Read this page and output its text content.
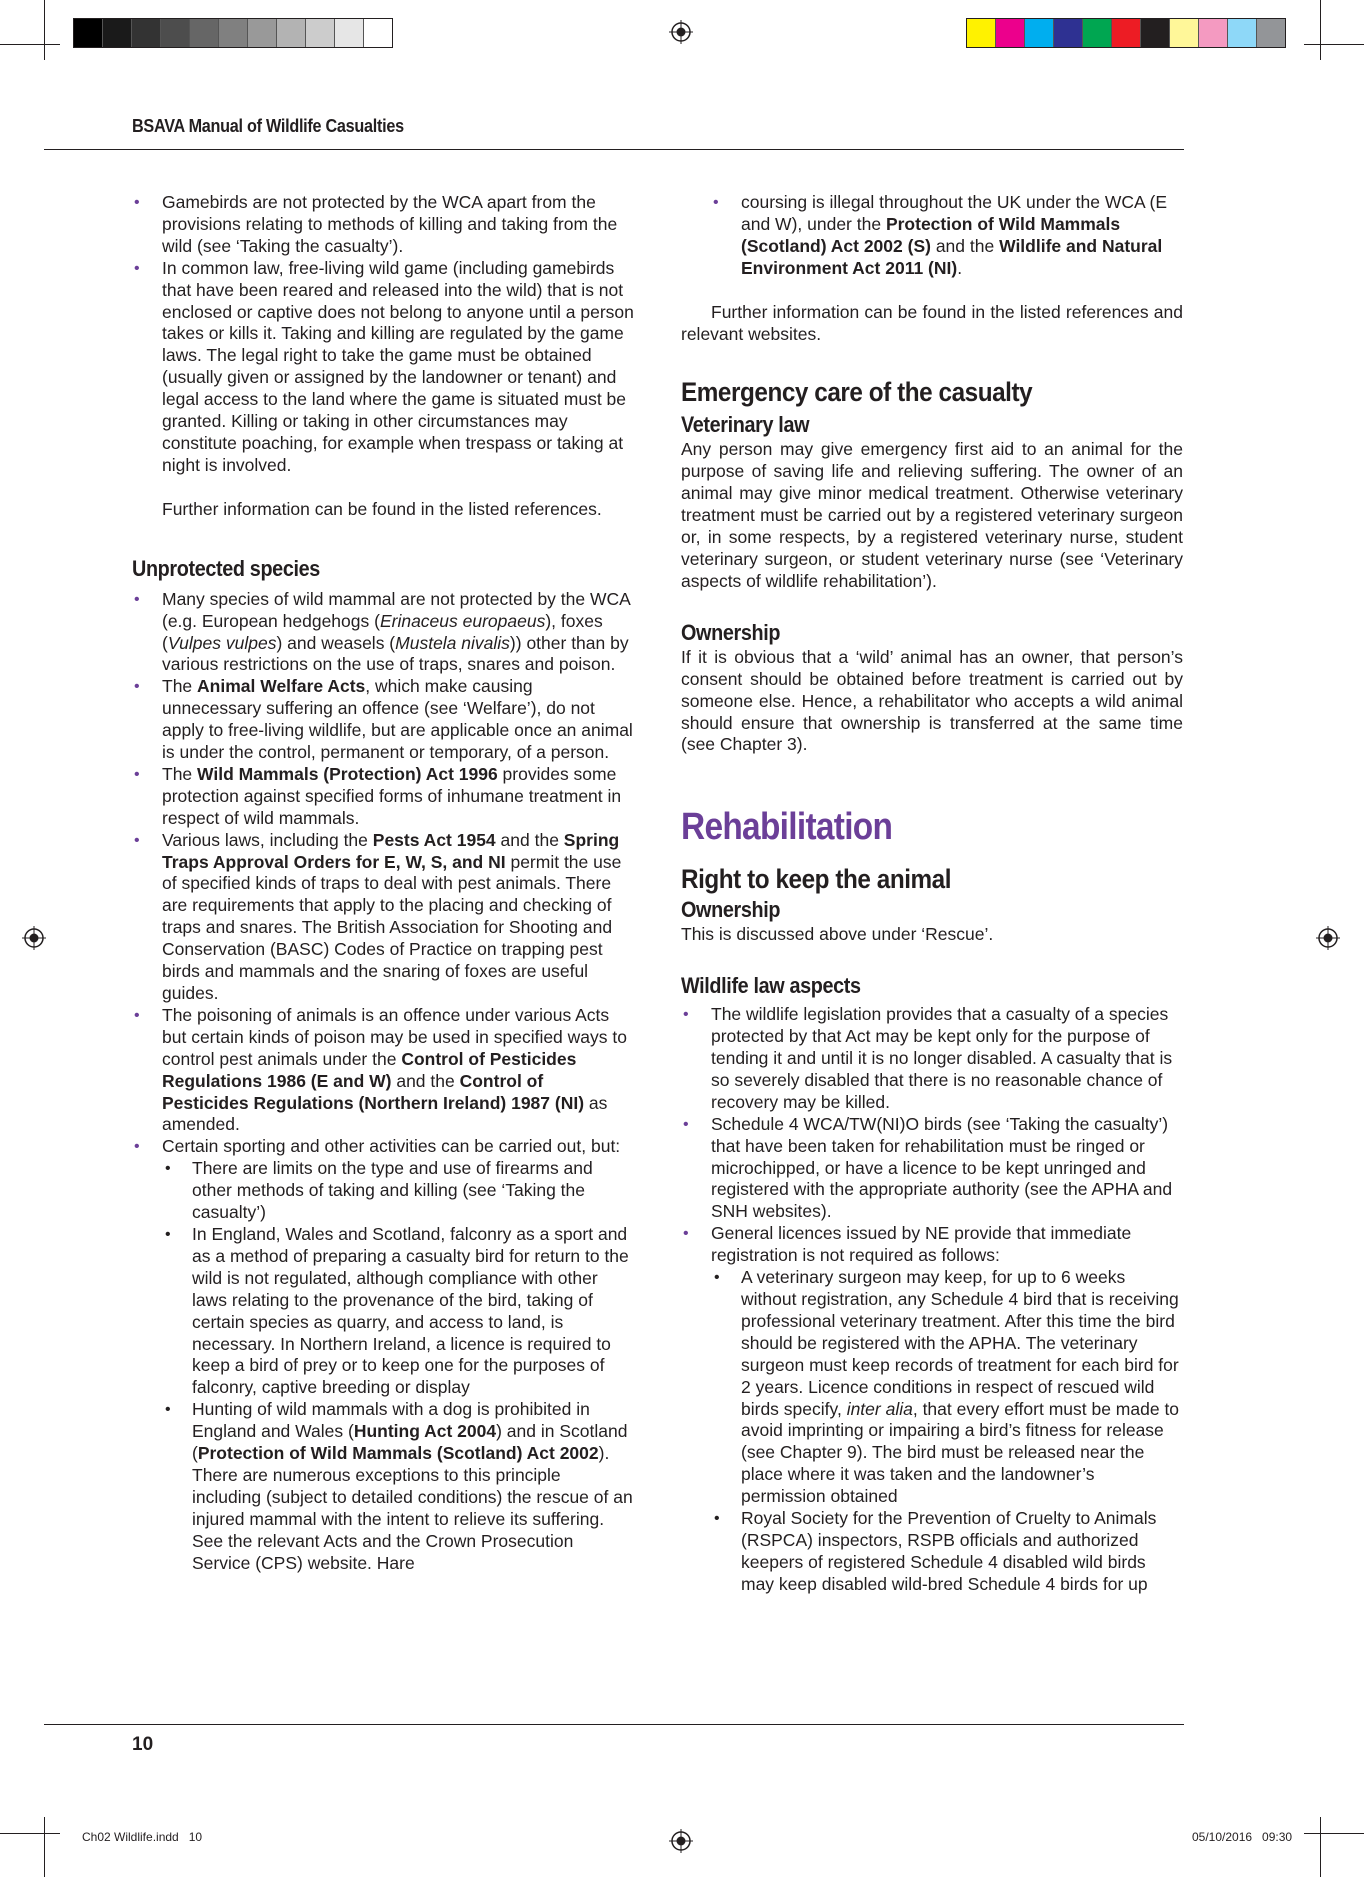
BSAVA Manual of Wildlife Casualties
• Gamebirds are not protected by the WCA apart from the provisions relating to methods of killing and taking from the wild (see ‘Taking the casualty’).
• In common law, free-living wild game (including gamebirds that have been reared and released into the wild) that is not enclosed or captive does not belong to anyone until a person takes or kills it. Taking and killing are regulated by the game laws. The legal right to take the game must be obtained (usually given or assigned by the landowner or tenant) and legal access to the land where the game is situated must be granted. Killing or taking in other circumstances may constitute poaching, for example when trespass or taking at night is involved.

Further information can be found in the listed references.

Unprotected species
• Many species of wild mammal are not protected by the WCA (e.g. European hedgehogs (Erinaceus europaeus), foxes (Vulpes vulpes) and weasels (Mustela nivalis)) other than by various restrictions on the use of traps, snares and poison.
• The Animal Welfare Acts, which make causing unnecessary suffering an offence (see ‘Welfare’), do not apply to free-living wildlife, but are applicable once an animal is under the control, permanent or temporary, of a person.
• The Wild Mammals (Protection) Act 1996 provides some protection against specified forms of inhumane treatment in respect of wild mammals.
• Various laws, including the Pests Act 1954 and the Spring Traps Approval Orders for E, W, S, and NI permit the use of specified kinds of traps to deal with pest animals. There are requirements that apply to the placing and checking of traps and snares. The British Association for Shooting and Conservation (BASC) Codes of Practice on trapping pest birds and mammals and the snaring of foxes are useful guides.
• The poisoning of animals is an offence under various Acts but certain kinds of poison may be used in specified ways to control pest animals under the Control of Pesticides Regulations 1986 (E and W) and the Control of Pesticides Regulations (Northern Ireland) 1987 (NI) as amended.
• Certain sporting and other activities can be carried out, but:
• There are limits on the type and use of firearms and other methods of taking and killing (see ‘Taking the casualty’)
• In England, Wales and Scotland, falconry as a sport and as a method of preparing a casualty bird for return to the wild is not regulated, although compliance with other laws relating to the provenance of the bird, taking of certain species as quarry, and access to land, is necessary. In Northern Ireland, a licence is required to keep a bird of prey or to keep one for the purposes of falconry, captive breeding or display
• Hunting of wild mammals with a dog is prohibited in England and Wales (Hunting Act 2004) and in Scotland (Protection of Wild Mammals (Scotland) Act 2002). There are numerous exceptions to this principle including (subject to detailed conditions) the rescue of an injured mammal with the intent to relieve its suffering. See the relevant Acts and the Crown Prosecution Service (CPS) website. Hare
• coursing is illegal throughout the UK under the WCA (E and W), under the Protection of Wild Mammals (Scotland) Act 2002 (S) and the Wildlife and Natural Environment Act 2011 (NI).

Further information can be found in the listed references and relevant websites.

Emergency care of the casualty
Veterinary law

Any person may give emergency first aid to an animal for the purpose of saving life and relieving suffering. The owner of an animal may give minor medical treatment. Otherwise veterinary treatment must be carried out by a registered veterinary surgeon or, in some respects, by a registered veterinary nurse, student veterinary surgeon, or student veterinary nurse (see ‘Veterinary aspects of wildlife rehabilitation’).

Ownership

If it is obvious that a ‘wild’ animal has an owner, that person’s consent should be obtained before treatment is carried out by someone else. Hence, a rehabilitator who accepts a wild animal should ensure that ownership is transferred at the same time (see Chapter 3).

Rehabilitation
Right to keep the animal
Ownership

This is discussed above under ‘Rescue’.

Wildlife law aspects
• The wildlife legislation provides that a casualty of a species protected by that Act may be kept only for the purpose of tending it and until it is no longer disabled. A casualty that is so severely disabled that there is no reasonable chance of recovery may be killed.
• Schedule 4 WCA/TW(NI)O birds (see ‘Taking the casualty’) that have been taken for rehabilitation must be ringed or microchipped, or have a licence to be kept unringed and registered with the appropriate authority (see the APHA and SNH websites).
• General licences issued by NE provide that immediate registration is not required as follows:
• A veterinary surgeon may keep, for up to 6 weeks without registration, any Schedule 4 bird that is receiving professional veterinary treatment. After this time the bird should be registered with the APHA. The veterinary surgeon must keep records of treatment for each bird for 2 years. Licence conditions in respect of rescued wild birds specify, inter alia, that every effort must be made to avoid imprinting or impairing a bird’s fitness for release (see Chapter 9). The bird must be released near the place where it was taken and the landowner’s permission obtained
• Royal Society for the Prevention of Cruelty to Animals (RSPCA) inspectors, RSPB officials and authorized keepers of registered Schedule 4 disabled wild birds may keep disabled wild-bred Schedule 4 birds for up
10
Ch02 Wildlife.indd   10	05/10/2016   09:30
